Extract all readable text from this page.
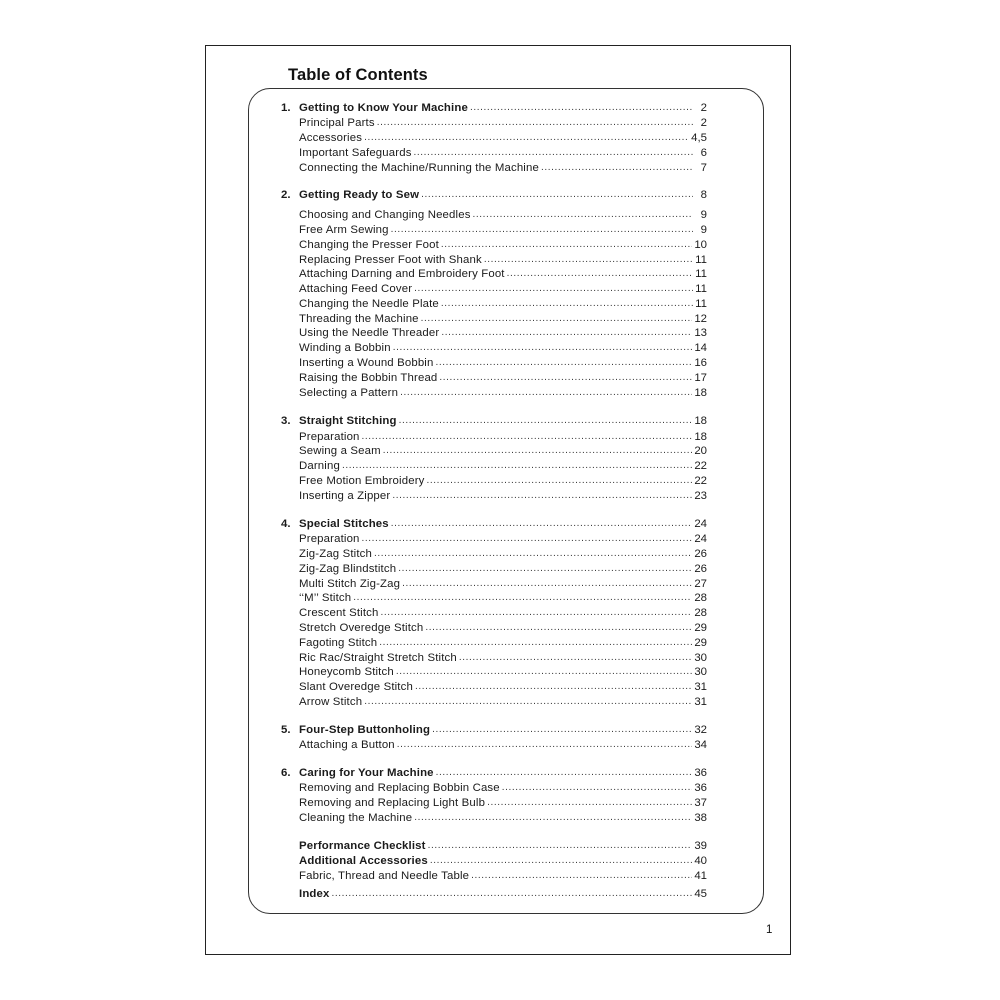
Table of Contents
1. Getting to Know Your Machine .....	2
Principal Parts .....	2
Accessories .....	4,5
Important Safeguards .....	6
Connecting the Machine/Running the Machine .....	7
2. Getting Ready to Sew .....	8
Choosing and Changing Needles .....	9
Free Arm Sewing .....	9
Changing the Presser Foot .....	10
Replacing Presser Foot with Shank .....	11
Attaching Darning and Embroidery Foot .....	11
Attaching Feed Cover .....	11
Changing the Needle Plate .....	11
Threading the Machine .....	12
Using the Needle Threader .....	13
Winding a Bobbin .....	14
Inserting a Wound Bobbin .....	16
Raising the Bobbin Thread .....	17
Selecting a Pattern .....	18
3. Straight Stitching .....	18
Preparation .....	18
Sewing a Seam .....	20
Darning .....	22
Free Motion Embroidery .....	22
Inserting a Zipper .....	23
4. Special Stitches .....	24
Preparation .....	24
Zig-Zag Stitch .....	26
Zig-Zag Blindstitch .....	26
Multi Stitch Zig-Zag .....	27
‘‘M’’ Stitch .....	28
Crescent Stitch .....	28
Stretch Overedge Stitch .....	29
Fagoting Stitch .....	29
Ric Rac/Straight Stretch Stitch .....	30
Honeycomb Stitch .....	30
Slant Overedge Stitch .....	31
Arrow Stitch .....	31
5. Four-Step Buttonholing .....	32
Attaching a Button .....	34
6. Caring for Your Machine .....	36
Removing and Replacing Bobbin Case .....	36
Removing and Replacing Light Bulb .....	37
Cleaning the Machine .....	38
Performance Checklist .....	39
Additional Accessories .....	40
Fabric, Thread and Needle Table .....	41
Index .....	45
1
